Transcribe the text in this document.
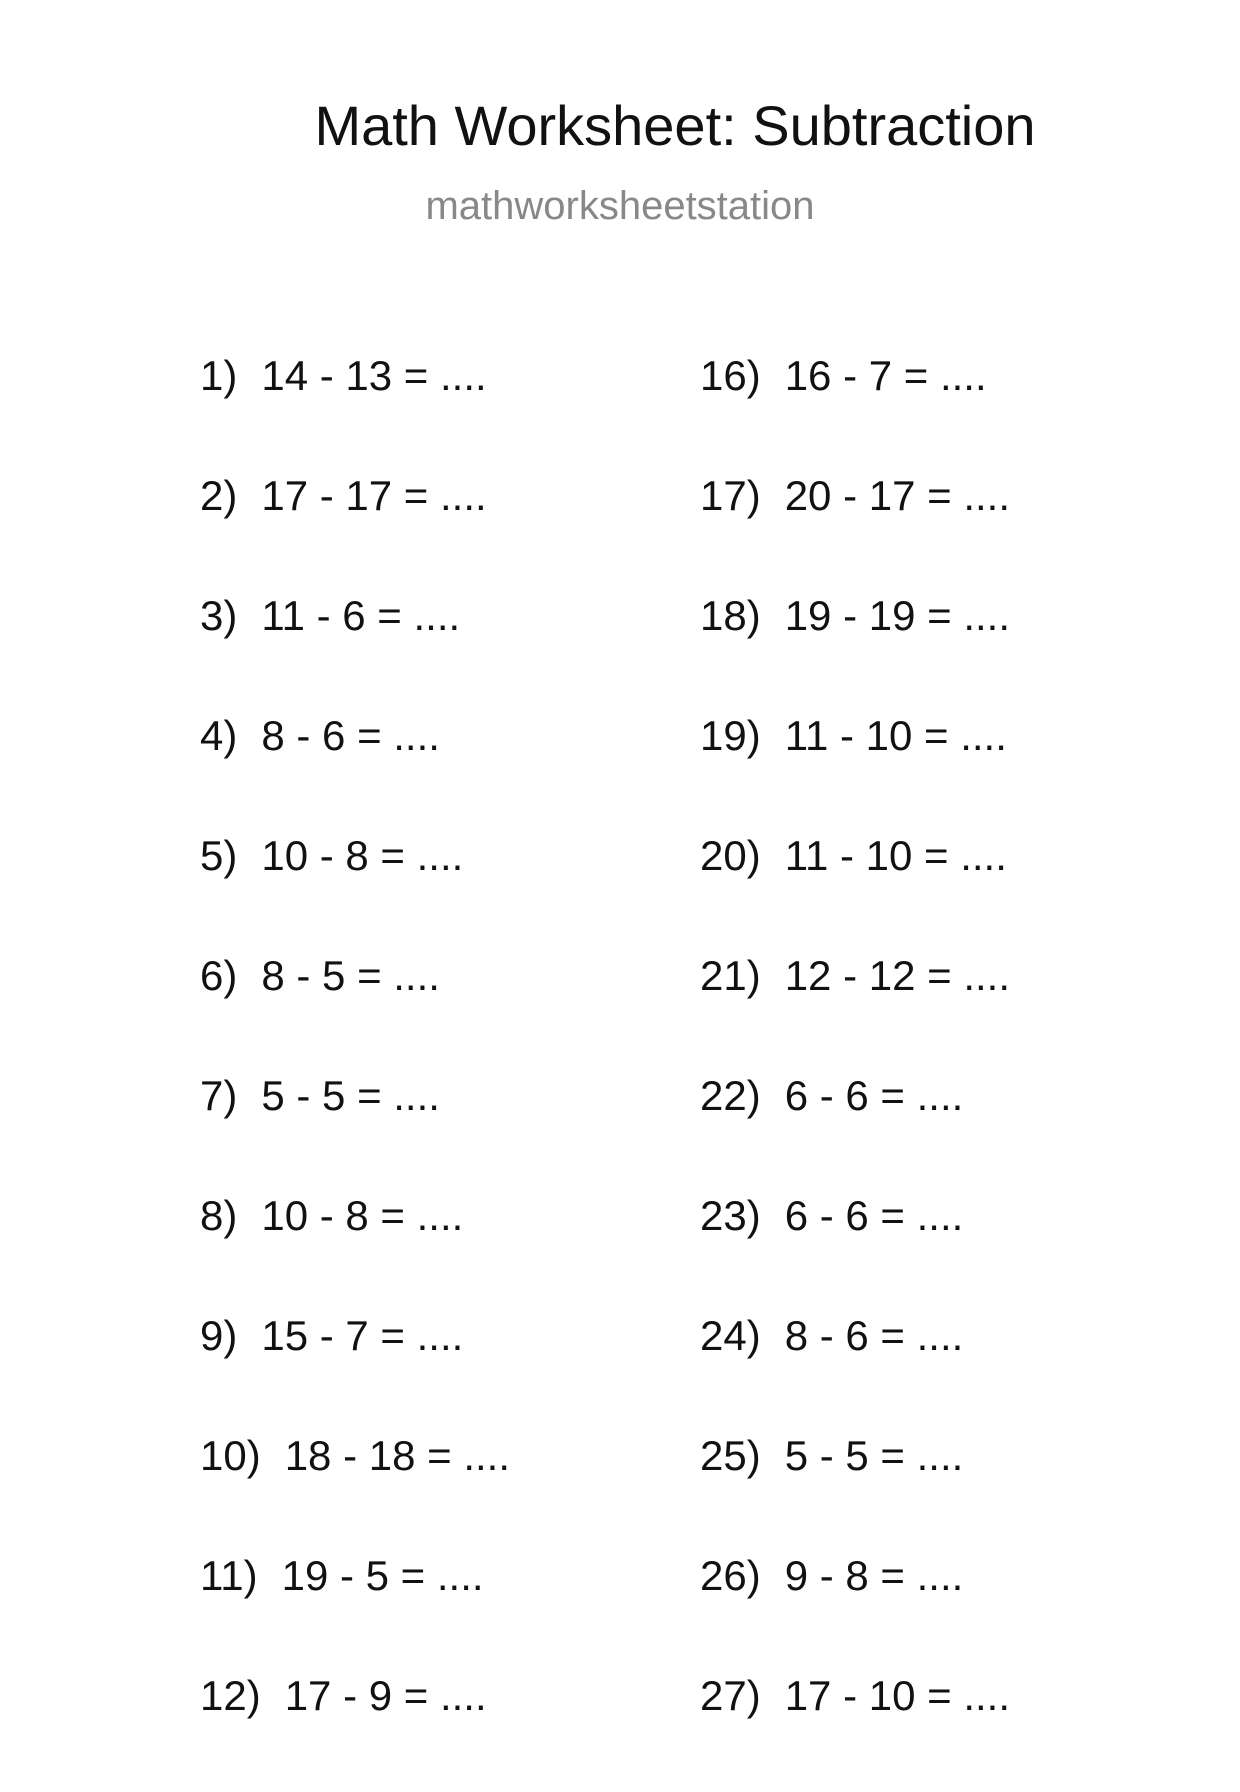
Math Worksheet: Subtraction
mathworksheetstation
1) 14 - 13 = ....
2) 17 - 17 = ....
3) 11 - 6 = ....
4) 8 - 6 = ....
5) 10 - 8 = ....
6) 8 - 5 = ....
7) 5 - 5 = ....
8) 10 - 8 = ....
9) 15 - 7 = ....
10) 18 - 18 = ....
11) 19 - 5 = ....
12) 17 - 9 = ....
16) 16 - 7 = ....
17) 20 - 17 = ....
18) 19 - 19 = ....
19) 11 - 10 = ....
20) 11 - 10 = ....
21) 12 - 12 = ....
22) 6 - 6 = ....
23) 6 - 6 = ....
24) 8 - 6 = ....
25) 5 - 5 = ....
26) 9 - 8 = ....
27) 17 - 10 = ....
